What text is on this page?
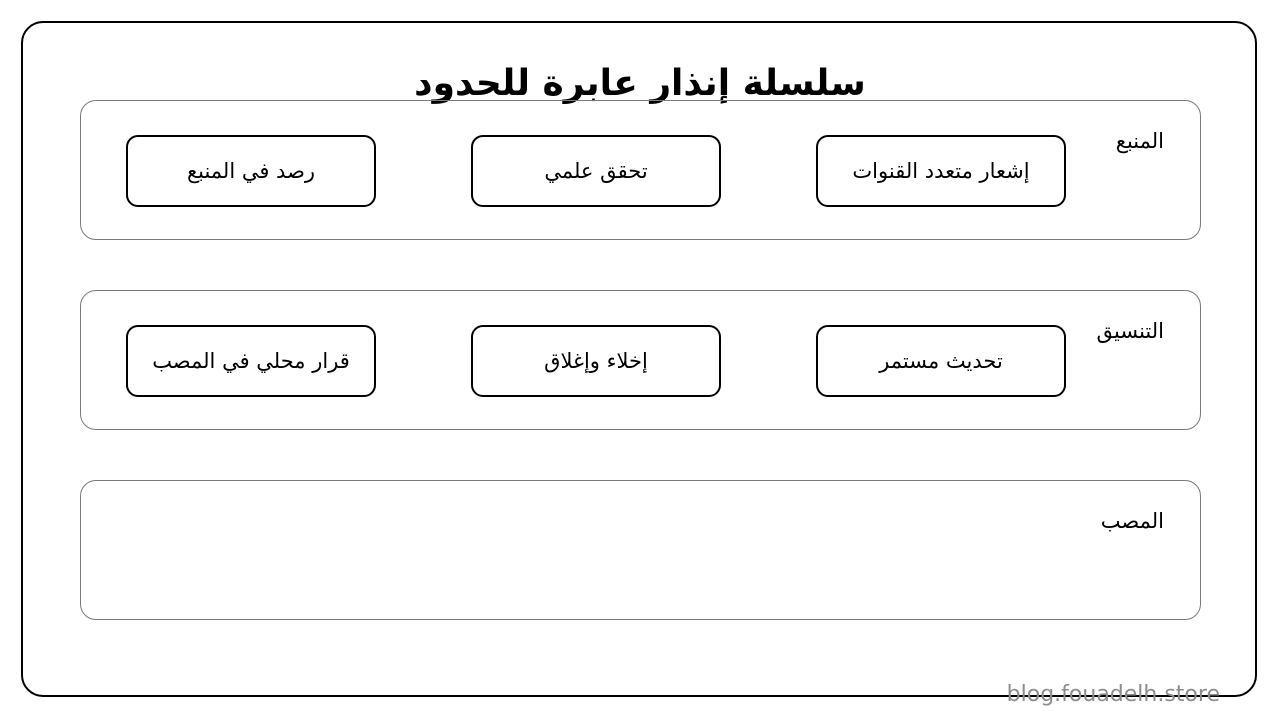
سلسلة إنذار عابرة للحدود
المنبع
إشعار متعدد القنوات
تحقق علمي
رصد في المنبع
التنسيق
تحديث مستمر
إخلاء وإغلاق
قرار محلي في المصب
المصب
blog.fouadelh.store
